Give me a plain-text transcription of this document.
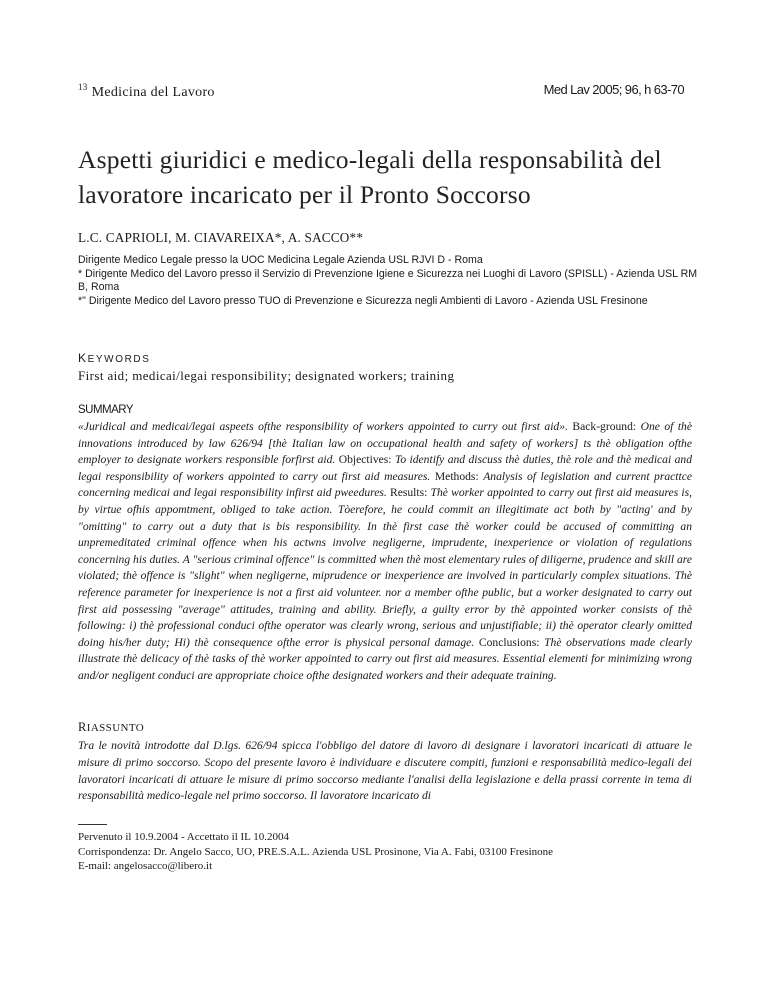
$^{13}$ Medicina del Lavoro	Med Lav 2005; 96, h 63-70
Aspetti giuridici e medico-legali della responsabilità del lavoratore incaricato per il Pronto Soccorso
L.C. CAPRIOLI, M. CIAVAREIXA*, A. SACCO**
Dirigente Medico Legale presso la UOC Medicina Legale Azienda USL RJVI D - Roma
* Dirigente Medico del Lavoro presso il Servizio di Prevenzione Igiene e Sicurezza nei Luoghi di Lavoro (SPISLL) - Azienda USL RM B, Roma
*" Dirigente Medico del Lavoro presso TUO di Prevenzione e Sicurezza negli Ambienti di Lavoro - Azienda USL Fresinone
KEYWORDS
First aid; medicai/legai responsibility; designated workers; training
SUMMARY
«Juridical and medicai/legai aspeets ofthe responsibility of workers appointed to curry out first aid». Back-ground: One of thè innovations introduced by law 626/94 [thè Italian law on occupational health and safety of workers] ts thè obligation ofthe employer to designate workers responsible forfirst aid. Objectives: To identify and discuss thè duties, thè role and thè medicai and legai responsibility of workers appointed to carry out first aid measures. Methods: Analysis of legislation and current practtce concerning medicai and legai responsibility infirst aid pweedures. Results: Thè worker appointed to carry out first aid measures is, by virtue ofhis appomtment, obliged to take action. Tòerefore, he could commit an illegitimate act both by "acting' and by "omitting" to carry out a duty that is bis responsibility. In thè first case thè worker could be accused of committing an unpremeditated criminal offence when his actwns involve negligerne, imprudente, inexperience or violation of regulations concerning his duties. A "serious criminal offence" is committed when thè most elementary rules of diligerne, prudence and skill are violated; thè offence is "slight" when negligerne, miprudence or inexperience are involved in particularly complex situations. Thè reference parameter for inexperience is not a first aid volunteer. nor a member ofthe public, but a worker designated to carry out first aid possessing "average" attitudes, training and ability. Briefly, a guilty error by thè appointed worker consists of thè following: i) thè professional conduci ofthe operator was clearly wrong, serious and unjustifiable; ii) thè operator clearly omitted doing his/her duty; Hi) thè consequence ofthe error is physical personal damage. Conclusions: Thè observations made clearly illustrate thè delicacy of thè tasks of thè worker appointed to carry out first aid measures. Essential elementi for minimizing wrong and/or negligent conduci are appropriate choice ofthe designated workers and their adequate training.
RIASSUNTO
Tra le novità introdotte dal D.lgs. 626/94 spicca l'obbligo del datore di lavoro di designare i lavoratori incaricati di attuare le misure di primo soccorso. Scopo del presente lavoro è individuare e discutere compiti, funzioni e responsabilità medico-legali dei lavoratori incaricati di attuare le misure di primo soccorso mediante l'analisi della legislazione e della prassi corrente in tema di responsabilità medico-legale nel primo soccorso. Il lavoratore incaricato di
Pervenuto il 10.9.2004 - Accettato il IL 10.2004
Corrispondenza: Dr. Angelo Sacco, UO, PRE.S.A.L. Azienda USL Prosinone, Via A. Fabi, 03100 Fresinone
E-mail: angelosacco@libero.it
